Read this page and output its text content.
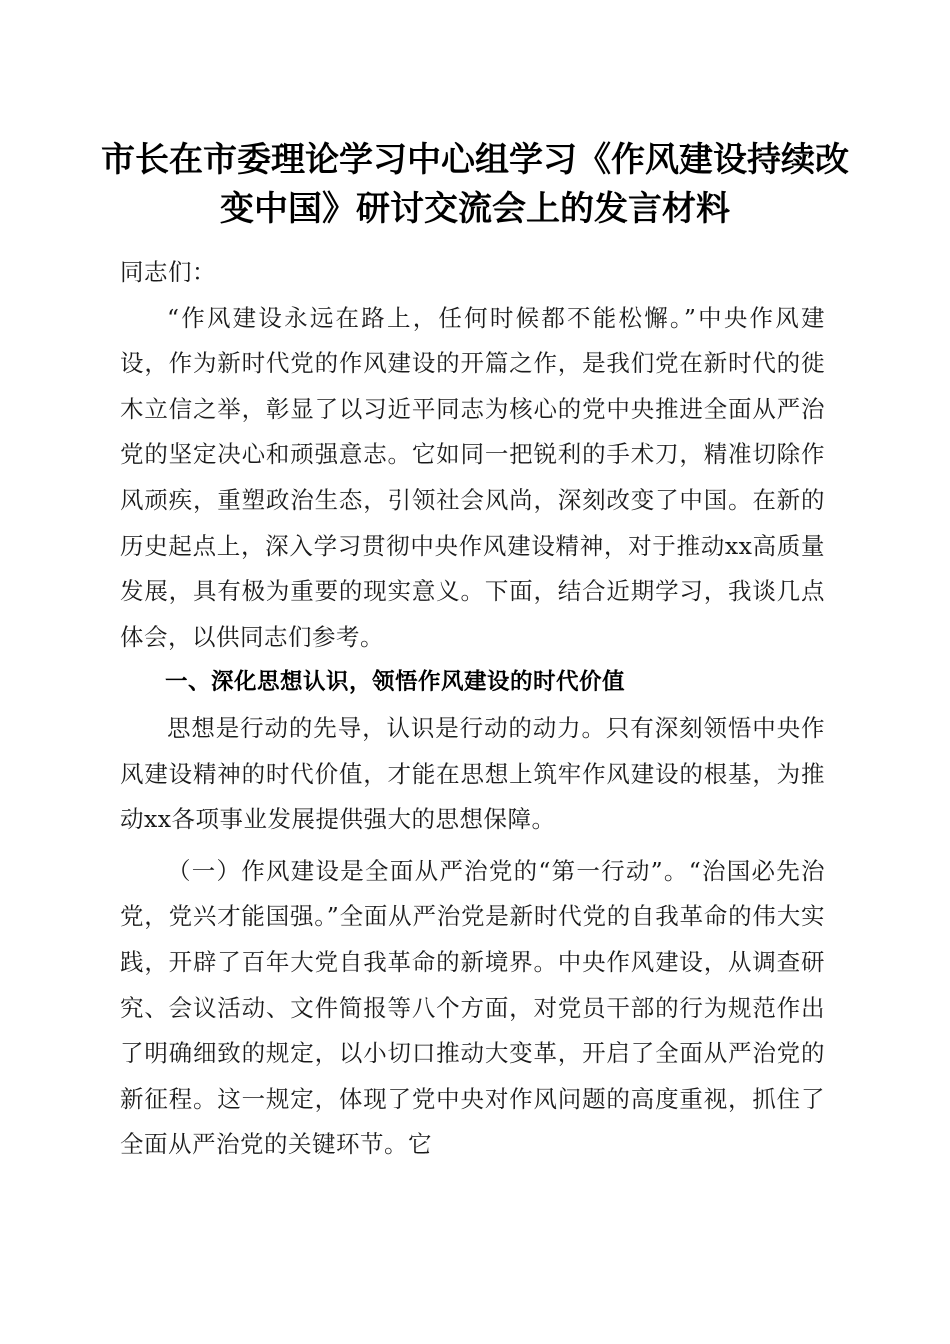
市长在市委理论学习中心组学习《作风建设持续改变中国》研讨交流会上的发言材料

同志们：

“作风建设永远在路上，任何时候都不能松懈。”中央作风建设，作为新时代党的作风建设的开篇之作，是我们党在新时代的徙木立信之举，彰显了以习近平同志为核心的党中央推进全面从严治党的坚定决心和顽强意志。它如同一把锐利的手术刀，精准切除作风顽疾，重塑政治生态，引领社会风尚，深刻改变了中国。在新的历史起点上，深入学习贯彻中央作风建设精神，对于推动xx高质量发展，具有极为重要的现实意义。下面，结合近期学习，我谈几点体会，以供同志们参考。

一、深化思想认识，领悟作风建设的时代价值

思想是行动的先导，认识是行动的动力。只有深刻领悟中央作风建设精神的时代价值，才能在思想上筑牢作风建设的根基，为推动xx各项事业发展提供强大的思想保障。

（一）作风建设是全面从严治党的“第一行动”。“治国必先治党，党兴才能国强。”全面从严治党是新时代党的自我革命的伟大实践，开辟了百年大党自我革命的新境界。中央作风建设，从调查研究、会议活动、文件简报等八个方面，对党员干部的行为规范作出了明确细致的规定，以小切口推动大变革，开启了全面从严治党的新征程。这一规定，体现了党中央对作风问题的高度重视，抓住了全面从严治党的关键环节。它
